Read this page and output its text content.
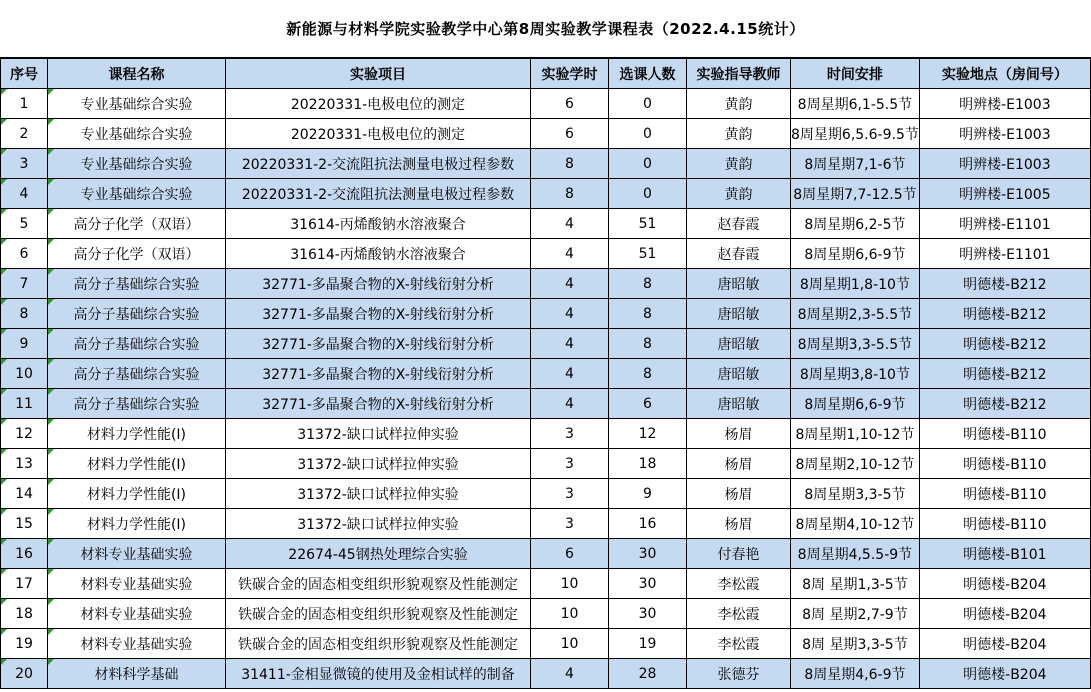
新能源与材料学院实验教学中心第8周实验教学课程表（2022.4.15统计）
序号	课程名称	实验项目	实验学时	选课人数	实验指导教师	时间安排	实验地点（房间号）
1	专业基础综合实验	20220331-电极电位的测定	6	0	黄韵	8周星期6,1-5.5节	明辨楼-E1003
2	专业基础综合实验	20220331-电极电位的测定	6	0	黄韵	8周星期6,5.6-9.5节	明辨楼-E1003
3	专业基础综合实验	20220331-2-交流阻抗法测量电极过程参数	8	0	黄韵	8周星期7,1-6节	明辨楼-E1003
4	专业基础综合实验	20220331-2-交流阻抗法测量电极过程参数	8	0	黄韵	8周星期7,7-12.5节	明辨楼-E1005
5	高分子化学（双语）	31614-丙烯酸钠水溶液聚合	4	51	赵春霞	8周星期6,2-5节	明辨楼-E1101
6	高分子化学（双语）	31614-丙烯酸钠水溶液聚合	4	51	赵春霞	8周星期6,6-9节	明辨楼-E1101
7	高分子基础综合实验	32771-多晶聚合物的X-射线衍射分析	4	8	唐昭敏	8周星期1,8-10节	明德楼-B212
8	高分子基础综合实验	32771-多晶聚合物的X-射线衍射分析	4	8	唐昭敏	8周星期2,3-5.5节	明德楼-B212
9	高分子基础综合实验	32771-多晶聚合物的X-射线衍射分析	4	8	唐昭敏	8周星期3,3-5.5节	明德楼-B212
10	高分子基础综合实验	32771-多晶聚合物的X-射线衍射分析	4	8	唐昭敏	8周星期3,8-10节	明德楼-B212
11	高分子基础综合实验	32771-多晶聚合物的X-射线衍射分析	4	6	唐昭敏	8周星期6,6-9节	明德楼-B212
12	材料力学性能(Ⅰ)	31372-缺口试样拉伸实验	3	12	杨眉	8周星期1,10-12节	明德楼-B110
13	材料力学性能(Ⅰ)	31372-缺口试样拉伸实验	3	18	杨眉	8周星期2,10-12节	明德楼-B110
14	材料力学性能(Ⅰ)	31372-缺口试样拉伸实验	3	9	杨眉	8周星期3,3-5节	明德楼-B110
15	材料力学性能(Ⅰ)	31372-缺口试样拉伸实验	3	16	杨眉	8周星期4,10-12节	明德楼-B110
16	材料专业基础实验	22674-45钢热处理综合实验	6	30	付春艳	8周星期4,5.5-9节	明德楼-B101
17	材料专业基础实验	铁碳合金的固态相变组织形貌观察及性能测定	10	30	李松霞	8周 星期1,3-5节	明德楼-B204
18	材料专业基础实验	铁碳合金的固态相变组织形貌观察及性能测定	10	30	李松霞	8周 星期2,7-9节	明德楼-B204
19	材料专业基础实验	铁碳合金的固态相变组织形貌观察及性能测定	10	19	李松霞	8周 星期3,3-5节	明德楼-B204
20	材料科学基础	31411-金相显微镜的使用及金相试样的制备	4	28	张德芬	8周星期4,6-9节	明德楼-B204
